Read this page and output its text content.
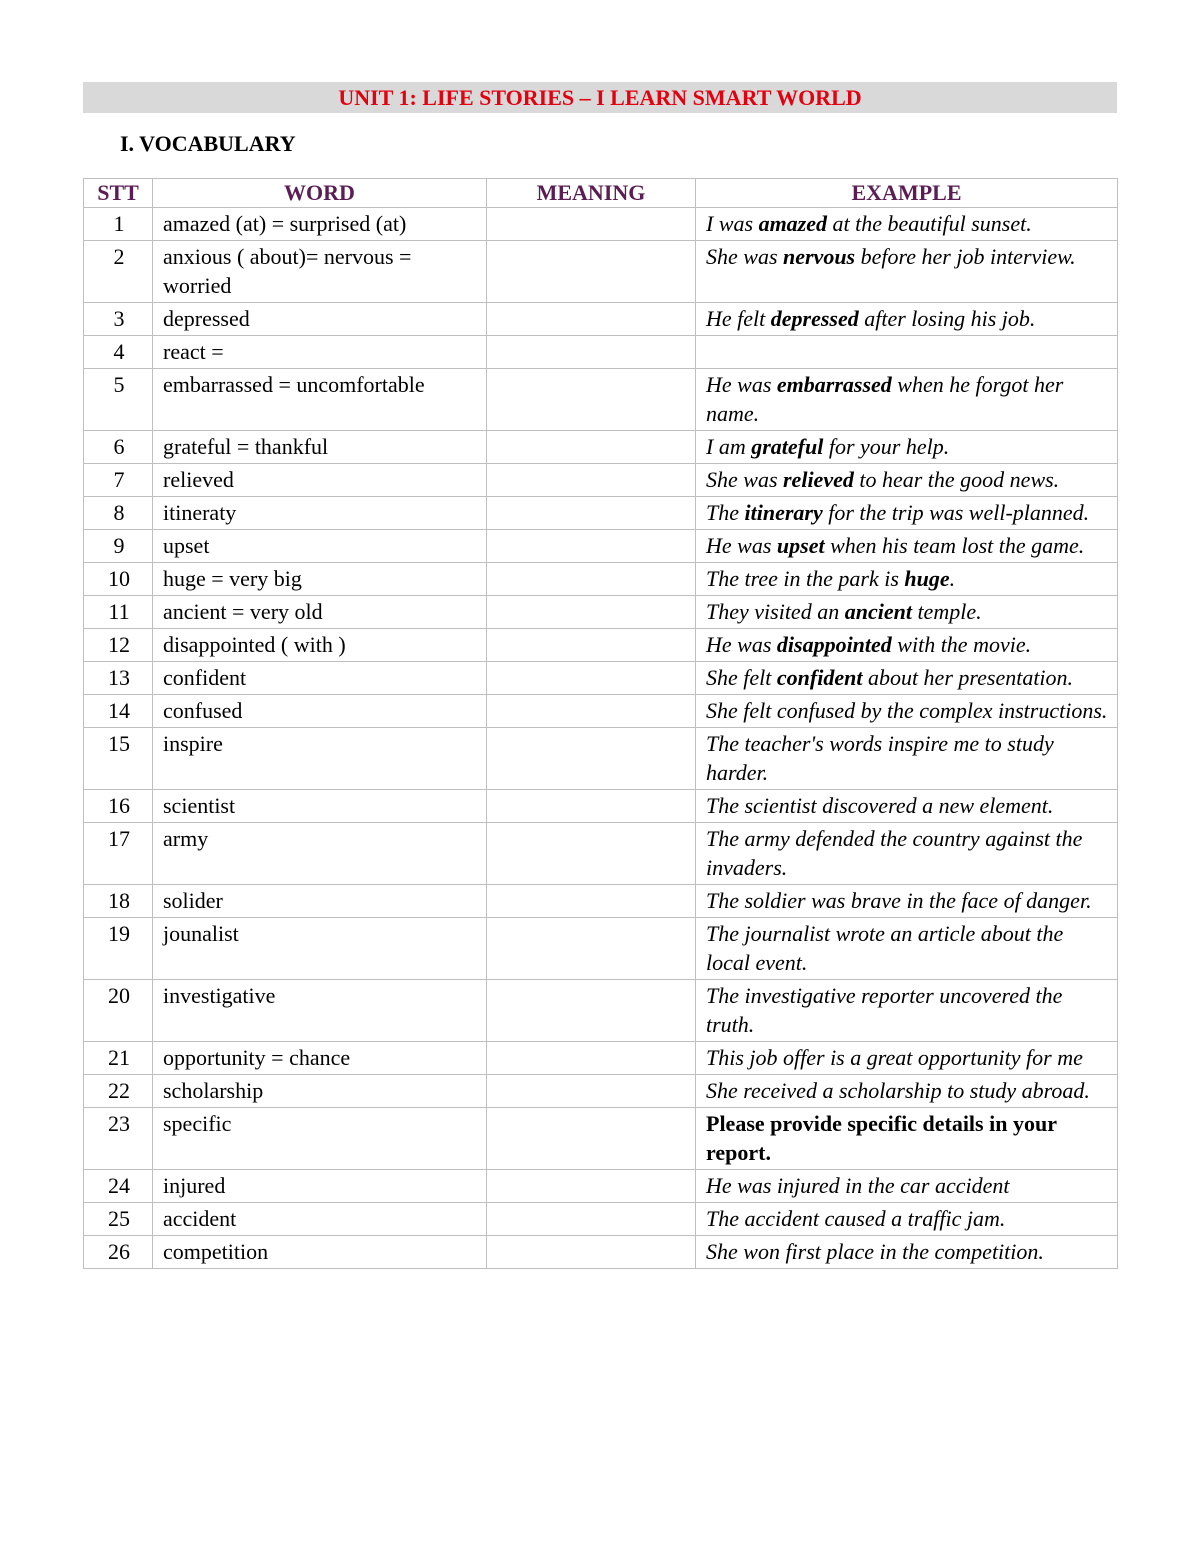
UNIT 1: LIFE STORIES – I LEARN SMART WORLD
I. VOCABULARY
STT	WORD	MEANING	EXAMPLE
1	amazed (at) = surprised (at)		I was amazed at the beautiful sunset.
2	anxious ( about)= nervous = worried		She was nervous before her job interview.
3	depressed		He felt depressed after losing his job.
4	react =		
5	embarrassed = uncomfortable		He was embarrassed when he forgot her name.
6	grateful = thankful		I am grateful for your help.
7	relieved		She was relieved to hear the good news.
8	itineraty		The itinerary for the trip was well-planned.
9	upset		He was upset when his team lost the game.
10	huge = very big		The tree in the park is huge.
11	ancient = very old		They visited an ancient temple.
12	disappointed ( with )		He was disappointed with the movie.
13	confident		She felt confident about her presentation.
14	confused		She felt confused by the complex instructions.
15	inspire		The teacher's words inspire me to study harder.
16	scientist		The scientist discovered a new element.
17	army		The army defended the country against the invaders.
18	solider		The soldier was brave in the face of danger.
19	jounalist		The journalist wrote an article about the local event.
20	investigative		The investigative reporter uncovered the truth.
21	opportunity = chance		This job offer is a great opportunity for me
22	scholarship		She received a scholarship to study abroad.
23	specific		Please provide specific details in your report.
24	injured		He was injured in the car accident
25	accident		The accident caused a traffic jam.
26	competition		She won first place in the competition.
